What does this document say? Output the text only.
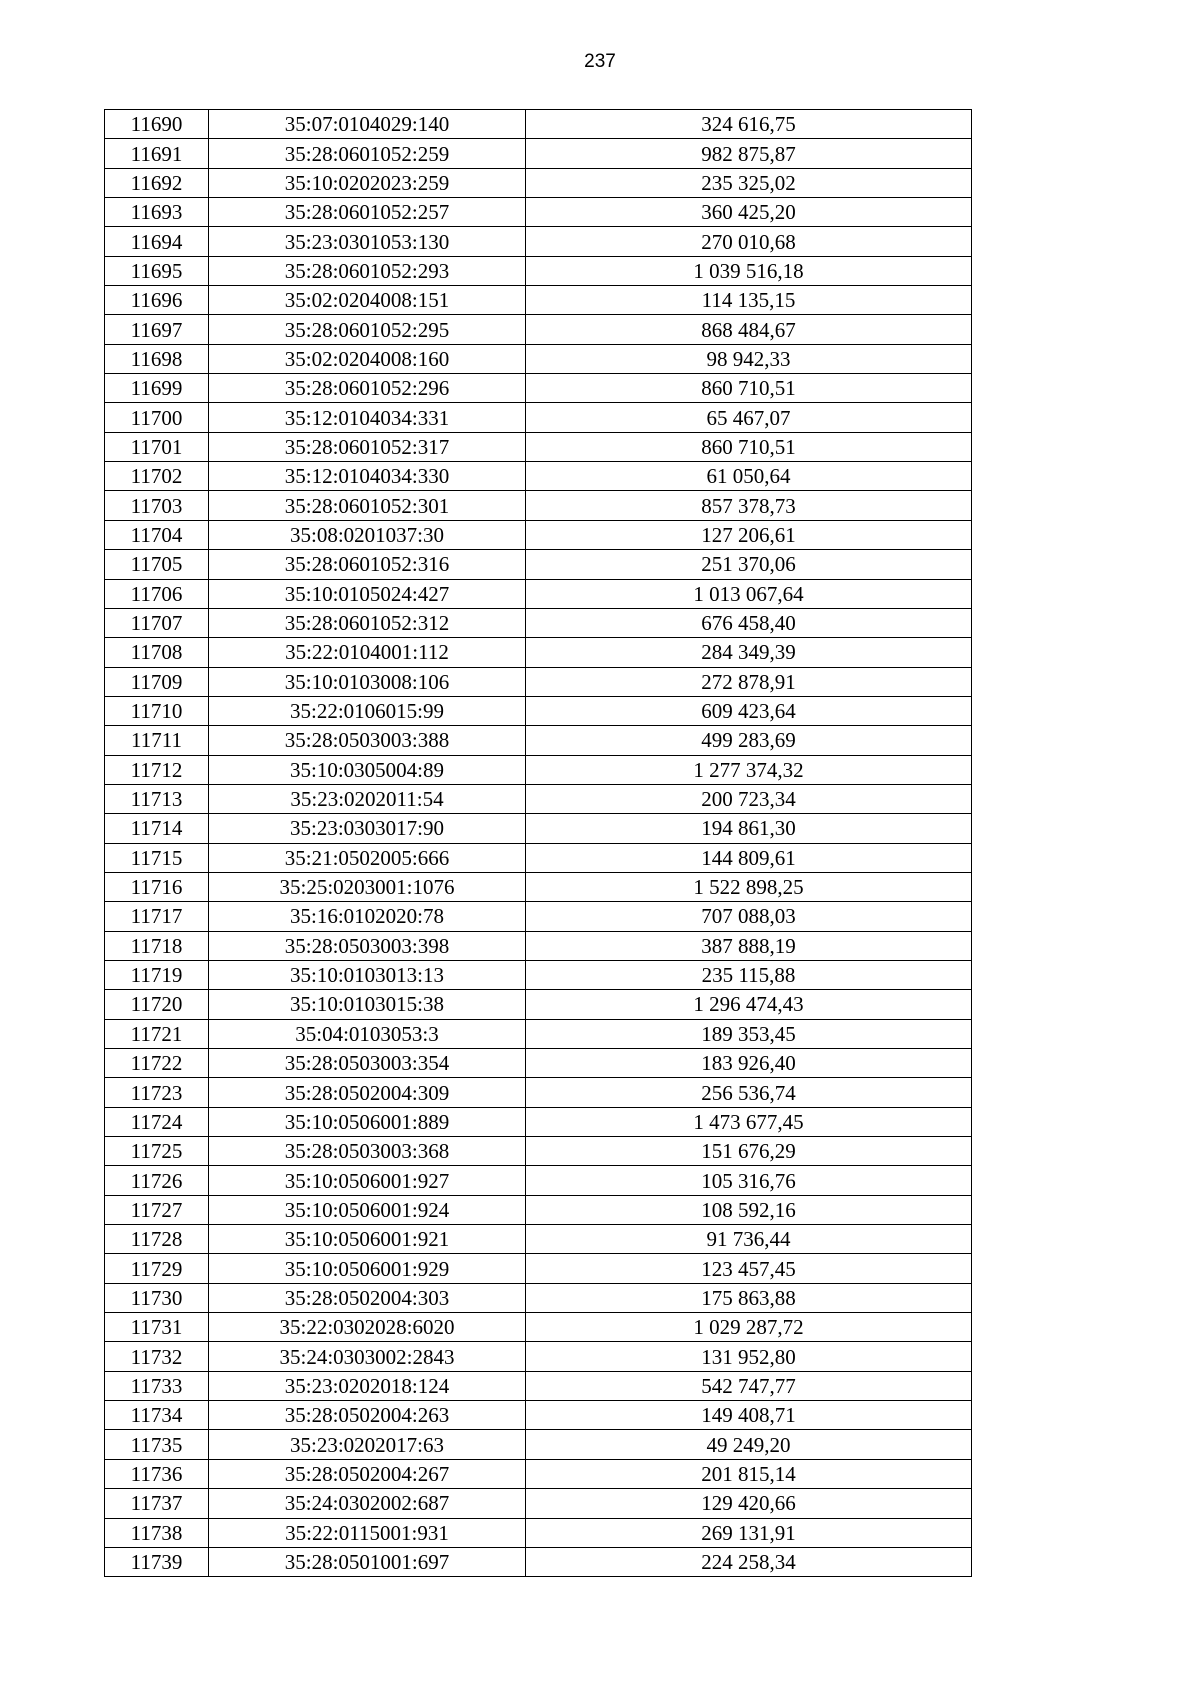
237
11690	35:07:0104029:140	324 616,75
11691	35:28:0601052:259	982 875,87
11692	35:10:0202023:259	235 325,02
11693	35:28:0601052:257	360 425,20
11694	35:23:0301053:130	270 010,68
11695	35:28:0601052:293	1 039 516,18
11696	35:02:0204008:151	114 135,15
11697	35:28:0601052:295	868 484,67
11698	35:02:0204008:160	98 942,33
11699	35:28:0601052:296	860 710,51
11700	35:12:0104034:331	65 467,07
11701	35:28:0601052:317	860 710,51
11702	35:12:0104034:330	61 050,64
11703	35:28:0601052:301	857 378,73
11704	35:08:0201037:30	127 206,61
11705	35:28:0601052:316	251 370,06
11706	35:10:0105024:427	1 013 067,64
11707	35:28:0601052:312	676 458,40
11708	35:22:0104001:112	284 349,39
11709	35:10:0103008:106	272 878,91
11710	35:22:0106015:99	609 423,64
11711	35:28:0503003:388	499 283,69
11712	35:10:0305004:89	1 277 374,32
11713	35:23:0202011:54	200 723,34
11714	35:23:0303017:90	194 861,30
11715	35:21:0502005:666	144 809,61
11716	35:25:0203001:1076	1 522 898,25
11717	35:16:0102020:78	707 088,03
11718	35:28:0503003:398	387 888,19
11719	35:10:0103013:13	235 115,88
11720	35:10:0103015:38	1 296 474,43
11721	35:04:0103053:3	189 353,45
11722	35:28:0503003:354	183 926,40
11723	35:28:0502004:309	256 536,74
11724	35:10:0506001:889	1 473 677,45
11725	35:28:0503003:368	151 676,29
11726	35:10:0506001:927	105 316,76
11727	35:10:0506001:924	108 592,16
11728	35:10:0506001:921	91 736,44
11729	35:10:0506001:929	123 457,45
11730	35:28:0502004:303	175 863,88
11731	35:22:0302028:6020	1 029 287,72
11732	35:24:0303002:2843	131 952,80
11733	35:23:0202018:124	542 747,77
11734	35:28:0502004:263	149 408,71
11735	35:23:0202017:63	49 249,20
11736	35:28:0502004:267	201 815,14
11737	35:24:0302002:687	129 420,66
11738	35:22:0115001:931	269 131,91
11739	35:28:0501001:697	224 258,34
